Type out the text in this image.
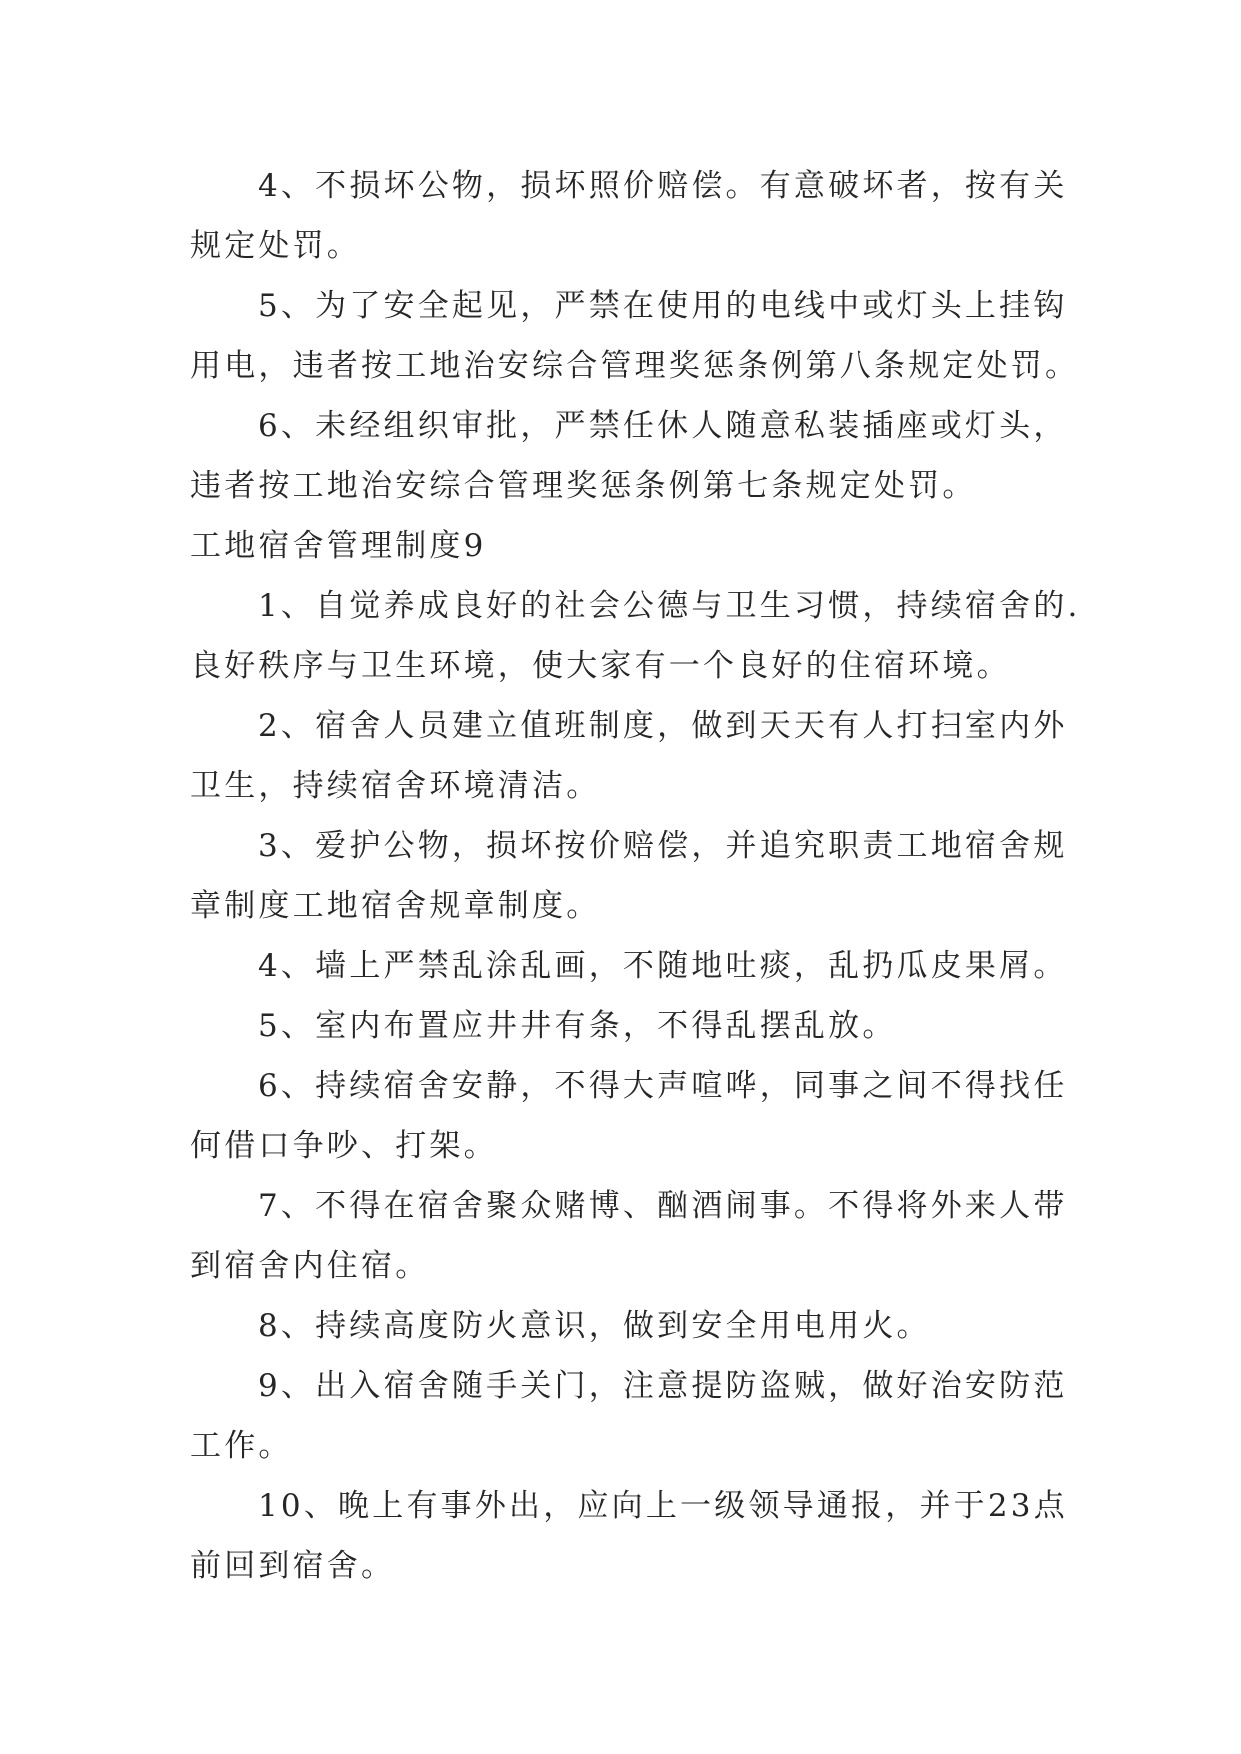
4、不损坏公物，损坏照价赔偿。有意破坏者，按有关
规定处罚。

5、为了安全起见，严禁在使用的电线中或灯头上挂钩
用电，违者按工地治安综合管理奖惩条例第八条规定处罚。

6、未经组织审批，严禁任休人随意私装插座或灯头，
违者按工地治安综合管理奖惩条例第七条规定处罚。

工地宿舍管理制度9

1、自觉养成良好的社会公德与卫生习惯，持续宿舍的.
良好秩序与卫生环境，使大家有一个良好的住宿环境。

2、宿舍人员建立值班制度，做到天天有人打扫室内外
卫生，持续宿舍环境清洁。

3、爱护公物，损坏按价赔偿，并追究职责工地宿舍规
章制度工地宿舍规章制度。

4、墙上严禁乱涂乱画，不随地吐痰，乱扔瓜皮果屑。

5、室内布置应井井有条，不得乱摆乱放。

6、持续宿舍安静，不得大声喧哗，同事之间不得找任
何借口争吵、打架。

7、不得在宿舍聚众赌博、酗酒闹事。不得将外来人带
到宿舍内住宿。

8、持续高度防火意识，做到安全用电用火。

9、出入宿舍随手关门，注意提防盗贼，做好治安防范
工作。

10、晚上有事外出，应向上一级领导通报，并于23点
前回到宿舍。
